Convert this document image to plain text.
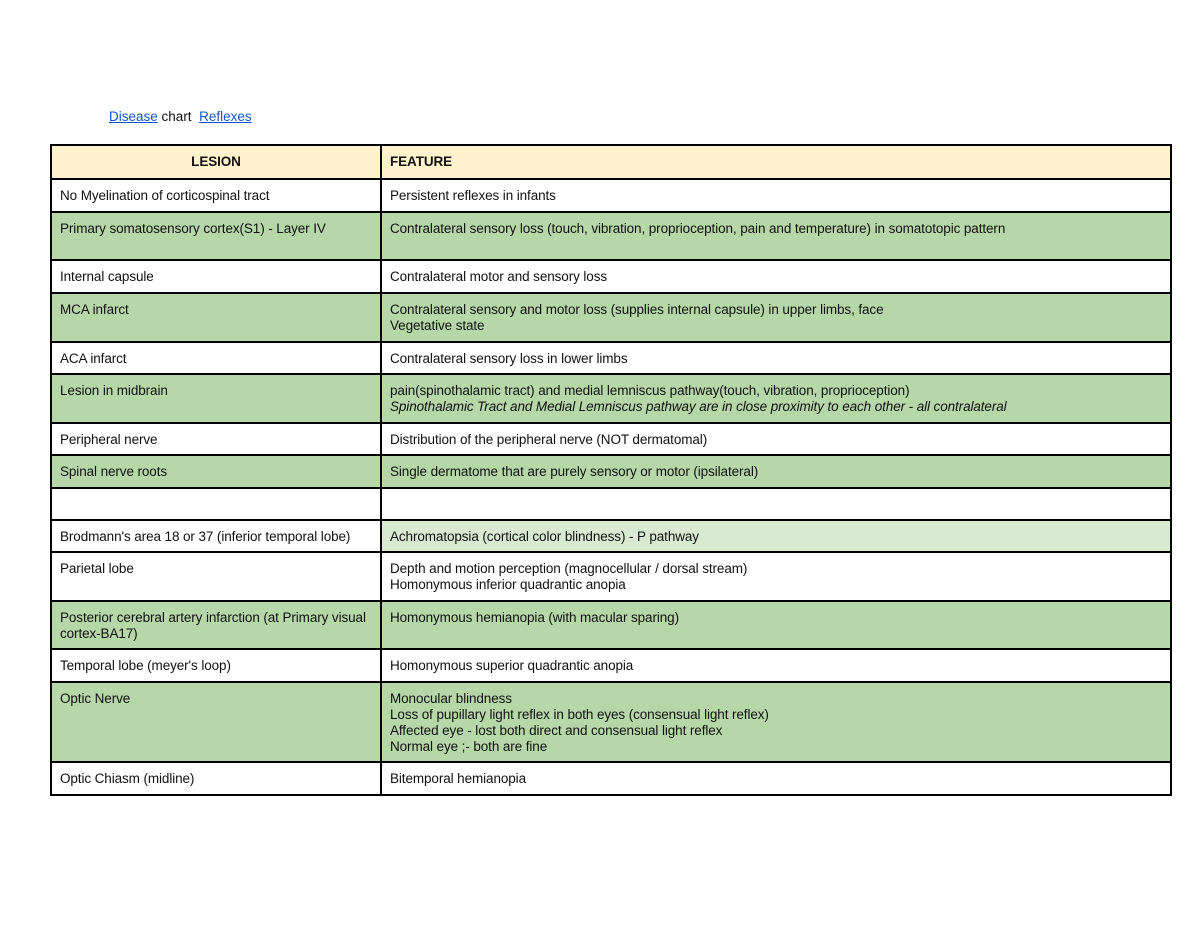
Disease chart Reflexes
LESION	FEATURE
No Myelination of corticospinal tract	Persistent reflexes in infants

Primary somatosensory cortex(S1) - Layer IV	Contralateral sensory loss (touch, vibration, proprioception, pain and temperature) in somatotopic pattern

Internal capsule	Contralateral motor and sensory loss

MCA infarct	Contralateral sensory and motor loss (supplies internal capsule) in upper limbs, face
Vegetative state

ACA infarct	Contralateral sensory loss in lower limbs

Lesion in midbrain	pain(spinothalamic tract) and medial lemniscus pathway(touch, vibration, proprioception)
Spinothalamic Tract and Medial Lemniscus pathway are in close proximity to each other - all contralateral

Peripheral nerve	Distribution of the peripheral nerve (NOT dermatomal)

Spinal nerve roots	Single dermatome that are purely sensory or motor (ipsilateral)

Brodmann's area 18 or 37 (inferior temporal lobe)	Achromatopsia (cortical color blindness) - P pathway

Parietal lobe	Depth and motion perception (magnocellular / dorsal stream)
Homonymous inferior quadrantic anopia

Posterior cerebral artery infarction (at Primary visual cortex-BA17)	Homonymous hemianopia (with macular sparing)

Temporal lobe (meyer's loop)	Homonymous superior quadrantic anopia

Optic Nerve	Monocular blindness
Loss of pupillary light reflex in both eyes (consensual light reflex)
Affected eye - lost both direct and consensual light reflex
Normal eye ;- both are fine

Optic Chiasm (midline)	Bitemporal hemianopia
